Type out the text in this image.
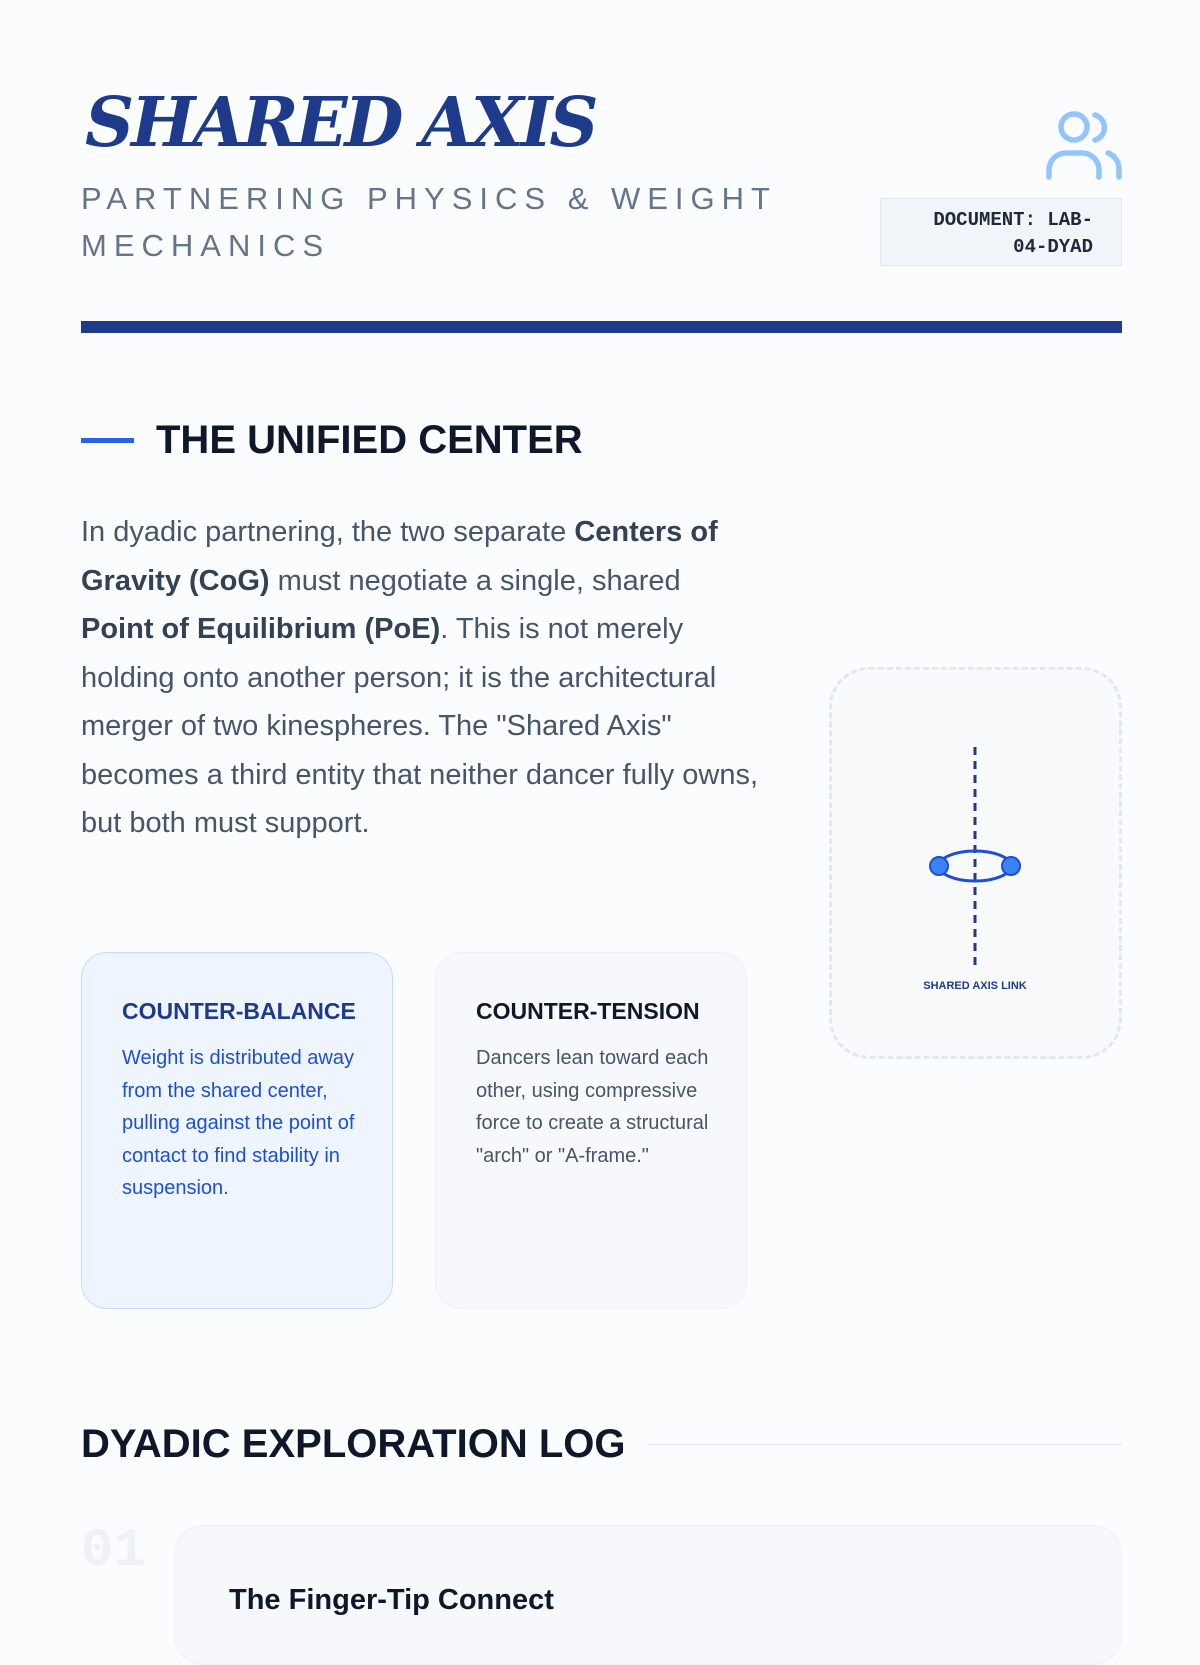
SHARED AXIS

PARTNERING PHYSICS & WEIGHT MECHANICS

DOCUMENT: LAB-04-DYAD
THE UNIFIED CENTER

In dyadic partnering, the two separate Centers of Gravity (CoG) must negotiate a single, shared Point of Equilibrium (PoE). This is not merely holding onto another person; it is the architectural merger of two kinespheres. The "Shared Axis" becomes a third entity that neither dancer fully owns, but both must support.

COUNTER-BALANCE

Weight is distributed away from the shared center, pulling against the point of contact to find stability in suspension.

COUNTER-TENSION

Dancers lean toward each other, using compressive force to create a structural "arch" or "A-frame."

SHARED AXIS LINK
DYADIC EXPLORATION LOG
01
The Finger-Tip Connect
